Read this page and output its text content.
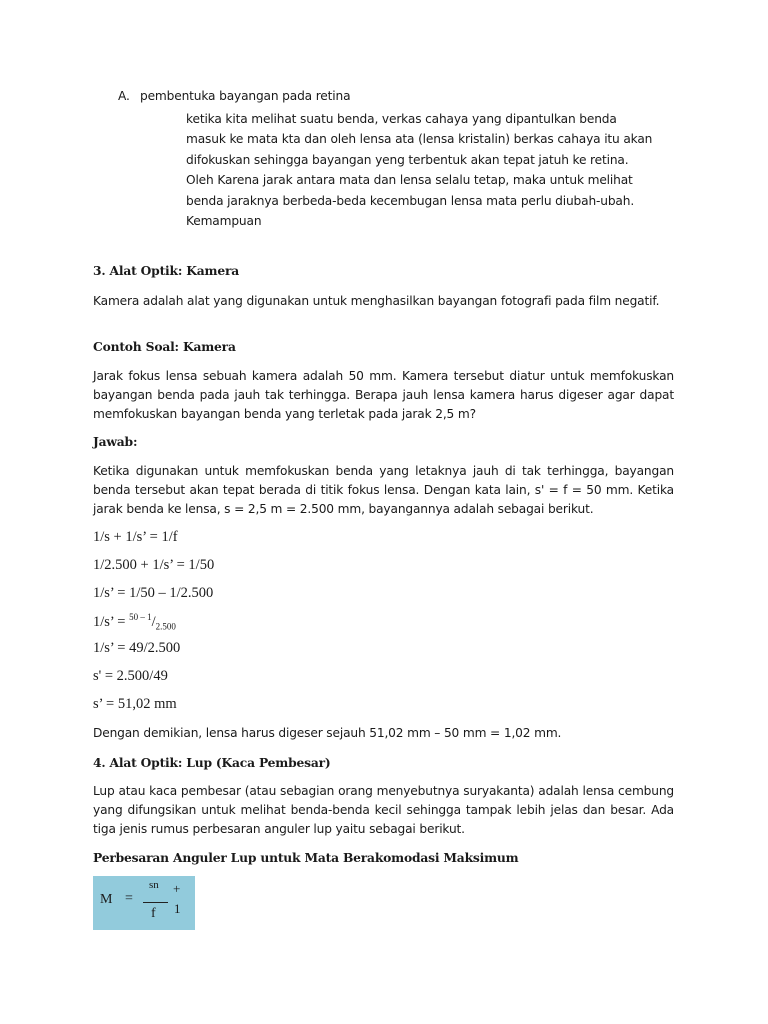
A. pembentuka bayangan pada retina
ketika kita melihat suatu benda, verkas cahaya yang dipantulkan benda
masuk ke mata kta dan oleh lensa ata (lensa kristalin) berkas cahaya itu akan
difokuskan sehingga bayangan yeng terbentuk akan tepat jatuh ke retina.
Oleh Karena jarak antara mata dan lensa selalu tetap, maka untuk melihat
benda jaraknya berbeda-beda kecembugan lensa mata perlu diubah-ubah.
Kemampuan
3. Alat Optik: Kamera
Kamera adalah alat yang digunakan untuk menghasilkan bayangan fotografi pada film negatif.
Contoh Soal: Kamera
Jarak fokus lensa sebuah kamera adalah 50 mm. Kamera tersebut diatur untuk memfokuskan bayangan benda pada jauh tak terhingga. Berapa jauh lensa kamera harus digeser agar dapat memfokuskan bayangan benda yang terletak pada jarak 2,5 m?
Jawab:
Ketika digunakan untuk memfokuskan benda yang letaknya jauh di tak terhingga, bayangan benda tersebut akan tepat berada di titik fokus lensa. Dengan kata lain, s' = f = 50 mm. Ketika jarak benda ke lensa, s = 2,5 m = 2.500 mm, bayangannya adalah sebagai berikut.
1/s + 1/s’ = 1/f
1/2.500 + 1/s’ = 1/50
1/s’ = 1/50 – 1/2.500
1/s’ = $^{50 - 1}/_{2.500}$
1/s’ = 49/2.500
s' = 2.500/49
s’ = 51,02 mm
Dengan demikian, lensa harus digeser sejauh 51,02 mm – 50 mm = 1,02 mm.
4. Alat Optik: Lup (Kaca Pembesar)
Lup atau kaca pembesar (atau sebagian orang menyebutnya suryakanta) adalah lensa cembung yang difungsikan untuk melihat benda-benda kecil sehingga tampak lebih jelas dan besar. Ada tiga jenis rumus perbesaran anguler lup yaitu sebagai berikut.
Perbesaran Anguler Lup untuk Mata Berakomodasi Maksimum
M =
sn
f
+
1
